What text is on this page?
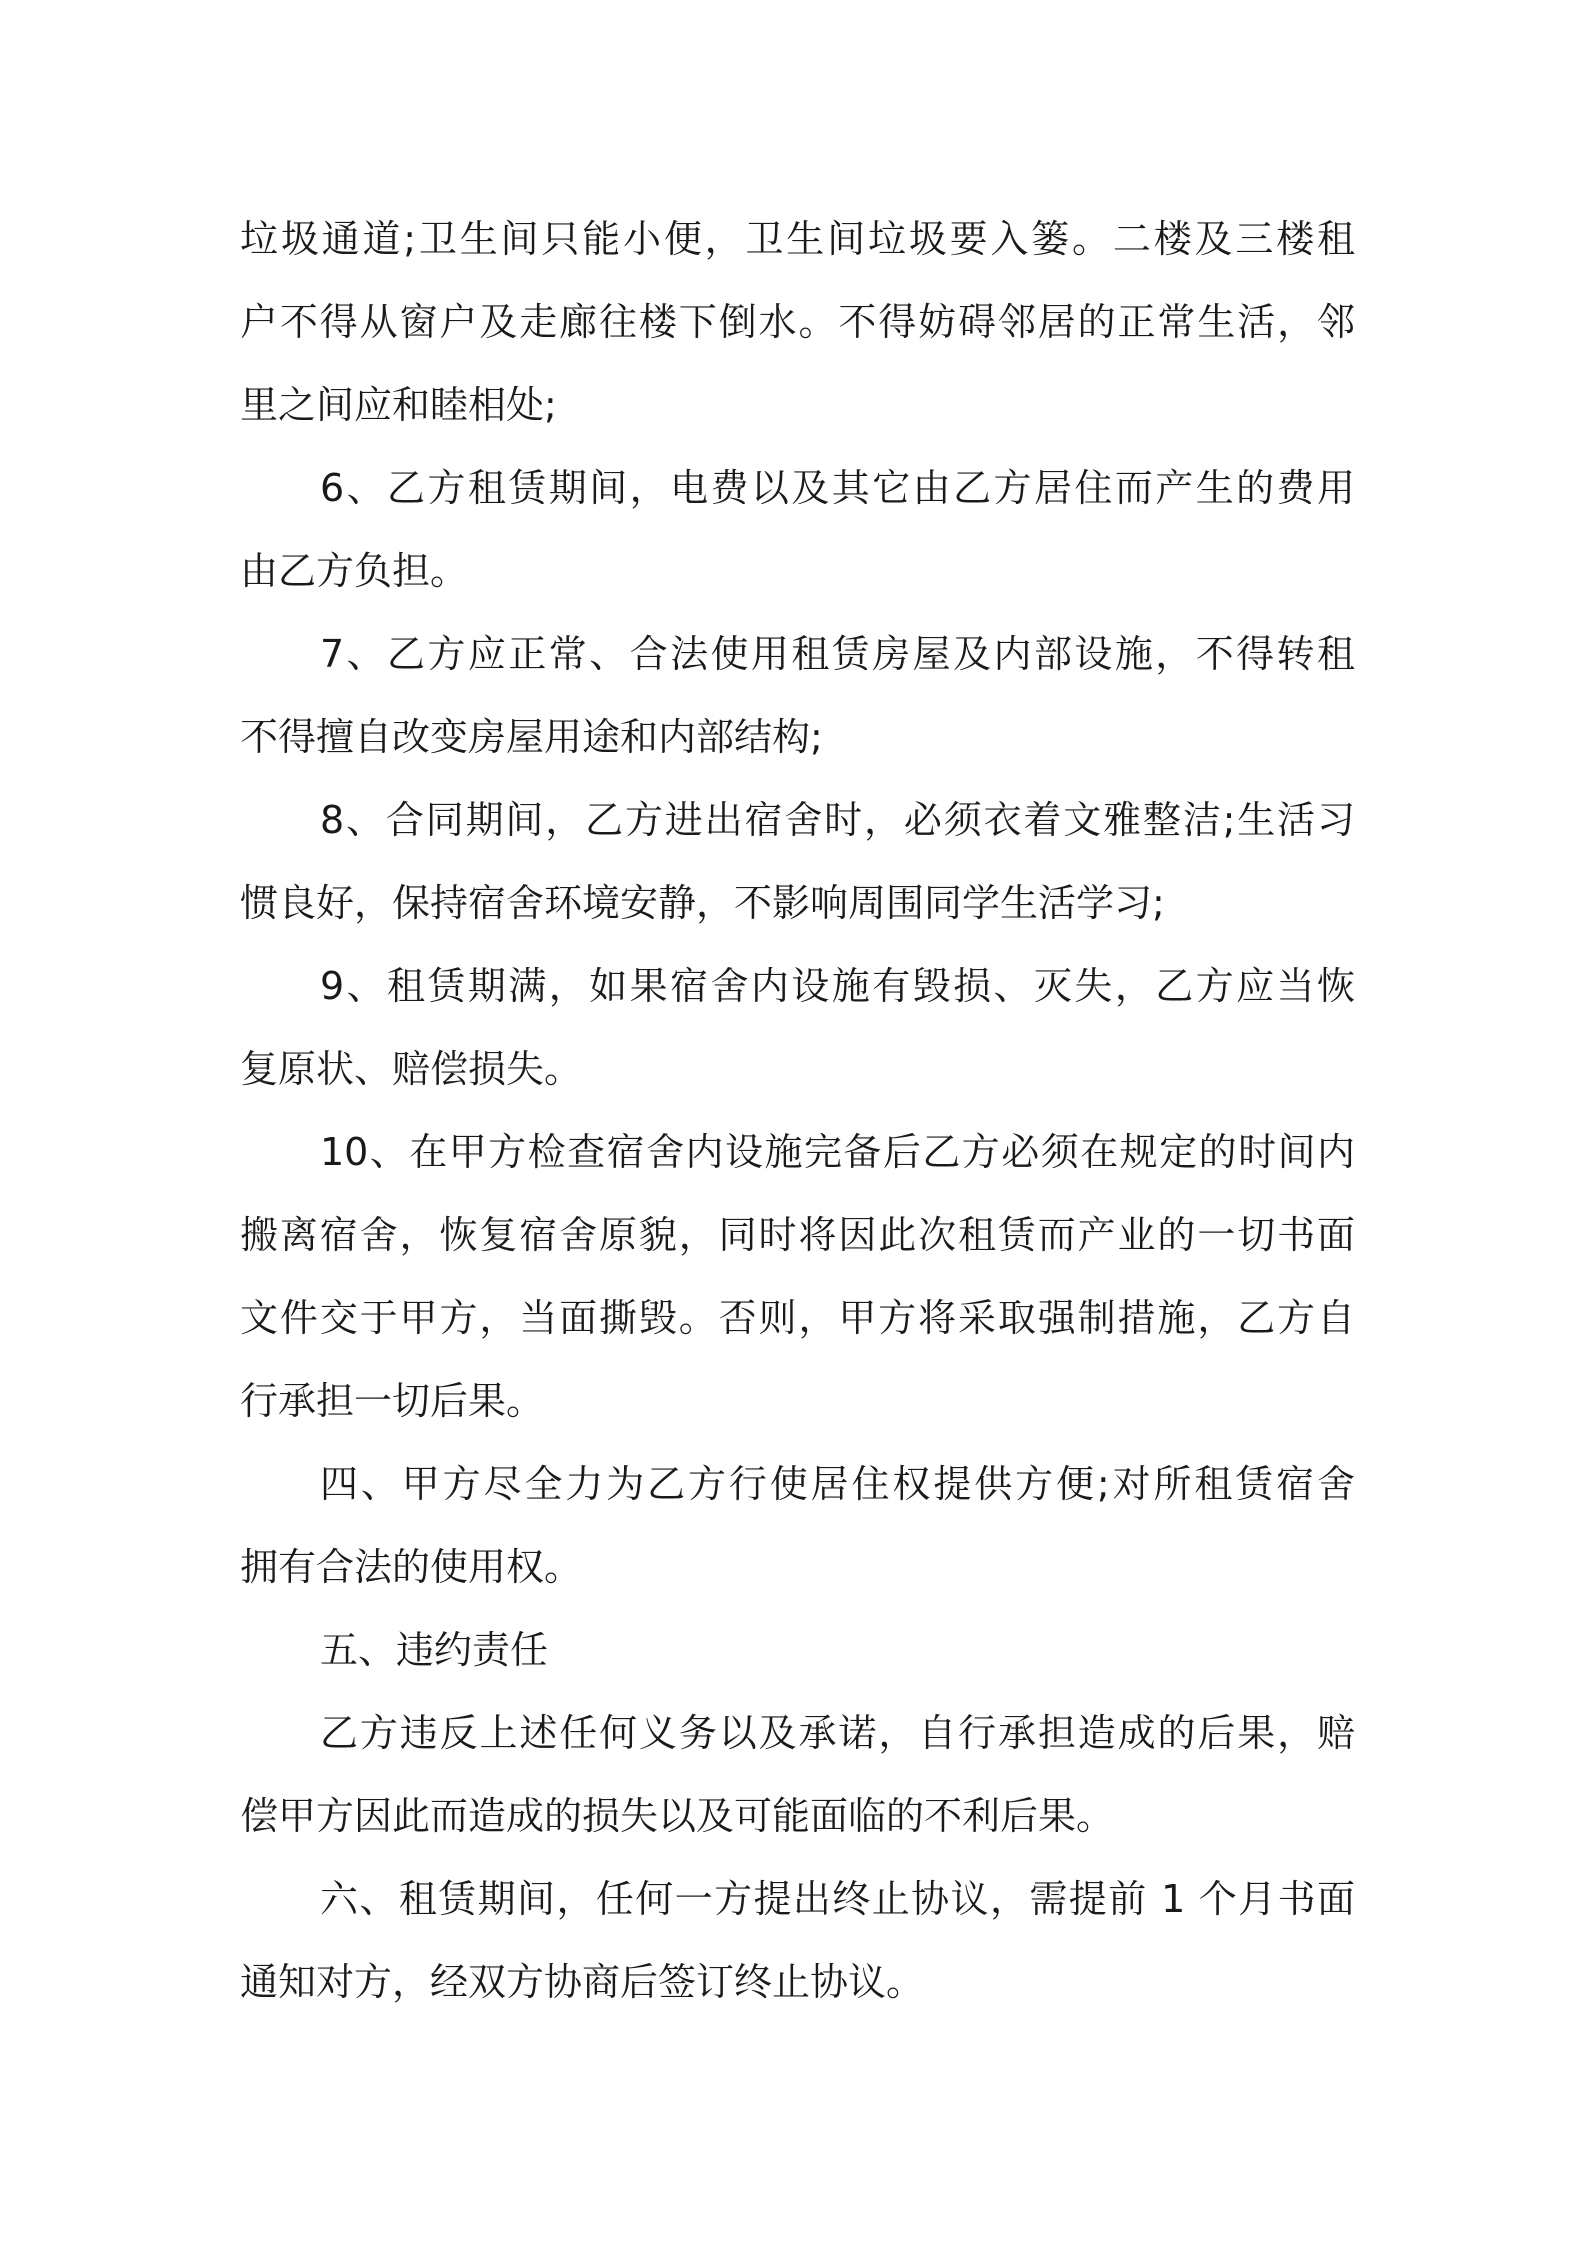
垃圾通道;卫生间只能小便，卫生间垃圾要入篓。二楼及三楼租
户不得从窗户及走廊往楼下倒水。不得妨碍邻居的正常生活，邻
里之间应和睦相处;
6、乙方租赁期间，电费以及其它由乙方居住而产生的费用
由乙方负担。
7、乙方应正常、合法使用租赁房屋及内部设施，不得转租
不得擅自改变房屋用途和内部结构;
8、合同期间，乙方进出宿舍时，必须衣着文雅整洁;生活习
惯良好，保持宿舍环境安静，不影响周围同学生活学习;
9、租赁期满，如果宿舍内设施有毁损、灭失，乙方应当恢
复原状、赔偿损失。
10、在甲方检查宿舍内设施完备后乙方必须在规定的时间内
搬离宿舍，恢复宿舍原貌，同时将因此次租赁而产业的一切书面
文件交于甲方，当面撕毁。否则，甲方将采取强制措施，乙方自
行承担一切后果。
四、甲方尽全力为乙方行使居住权提供方便;对所租赁宿舍
拥有合法的使用权。
五、违约责任
乙方违反上述任何义务以及承诺，自行承担造成的后果，赔
偿甲方因此而造成的损失以及可能面临的不利后果。
六、租赁期间，任何一方提出终止协议，需提前 1 个月书面
通知对方，经双方协商后签订终止协议。
